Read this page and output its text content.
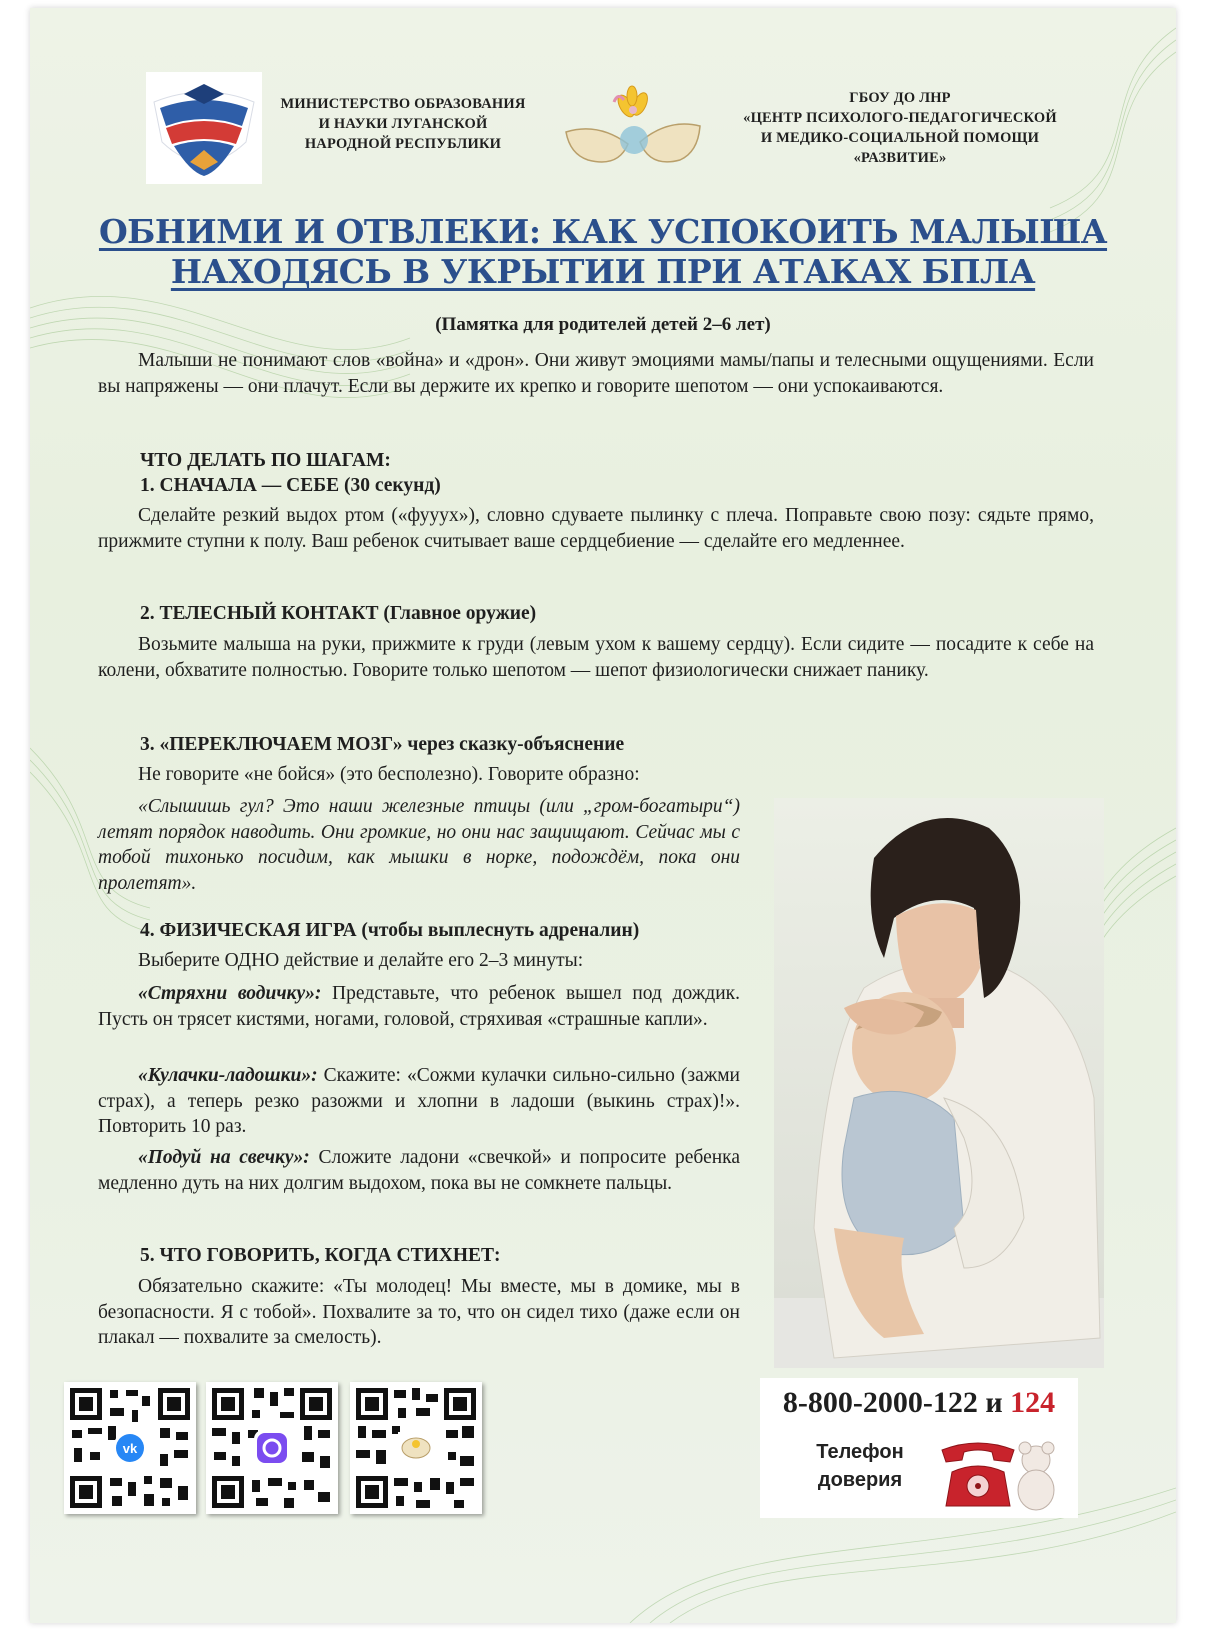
МИНИСТЕРСТВО ОБРАЗОВАНИЯ
И НАУКИ ЛУГАНСКОЙ
НАРОДНОЙ РЕСПУБЛИКИ
ГБОУ ДО ЛНР
«ЦЕНТР ПСИХОЛОГО-ПЕДАГОГИЧЕСКОЙ
И МЕДИКО-СОЦИАЛЬНОЙ ПОМОЩИ
«РАЗВИТИЕ»
ОБНИМИ И ОТВЛЕКИ: КАК УСПОКОИТЬ МАЛЫША
НАХОДЯСЬ В УКРЫТИИ ПРИ АТАКАХ БПЛА
(Памятка для родителей детей 2–6 лет)
Малыши не понимают слов «война» и «дрон». Они живут эмоциями мамы/папы и телесными ощущениями. Если вы напряжены — они плачут. Если вы держите их крепко и говорите шепотом — они успокаиваются.
ЧТО ДЕЛАТЬ ПО ШАГАМ:
1. СНАЧАЛА — СЕБЕ (30 секунд)
Сделайте резкий выдох ртом («фууух»), словно сдуваете пылинку с плеча. Поправьте свою позу: сядьте прямо, прижмите ступни к полу. Ваш ребенок считывает ваше сердцебиение — сделайте его медленнее.
2. ТЕЛЕСНЫЙ КОНТАКТ (Главное оружие)
Возьмите малыша на руки, прижмите к груди (левым ухом к вашему сердцу). Если сидите — посадите к себе на колени, обхватите полностью. Говорите только шепотом — шепот физиологически снижает панику.
3. «ПЕРЕКЛЮЧАЕМ МОЗГ» через сказку-объяснение
Не говорите «не бойся» (это бесполезно). Говорите образно:
«Слышишь гул? Это наши железные птицы (или „гром-богатыри“) летят порядок наводить. Они громкие, но они нас защищают. Сейчас мы с тобой тихонько посидим, как мышки в норке, подождём, пока они пролетят».
4. ФИЗИЧЕСКАЯ ИГРА (чтобы выплеснуть адреналин)
Выберите ОДНО действие и делайте его 2–3 минуты:
«Стряхни водичку»: Представьте, что ребенок вышел под дождик. Пусть он трясет кистями, ногами, головой, стряхивая «страшные капли».
«Кулачки-ладошки»: Скажите: «Сожми кулачки сильно-сильно (зажми страх), а теперь резко разожми и хлопни в ладоши (выкинь страх)!». Повторить 10 раз.
«Подуй на свечку»: Сложите ладони «свечкой» и попросите ребенка медленно дуть на них долгим выдохом, пока вы не сомкнете пальцы.
5. ЧТО ГОВОРИТЬ, КОГДА СТИХНЕТ:
Обязательно скажите: «Ты молодец! Мы вместе, мы в домике, мы в безопасности. Я с тобой». Похвалите за то, что он сидел тихо (даже если он плакал — похвалите за смелость).
vk
8-800-2000-122 и 124
Телефон
доверия
